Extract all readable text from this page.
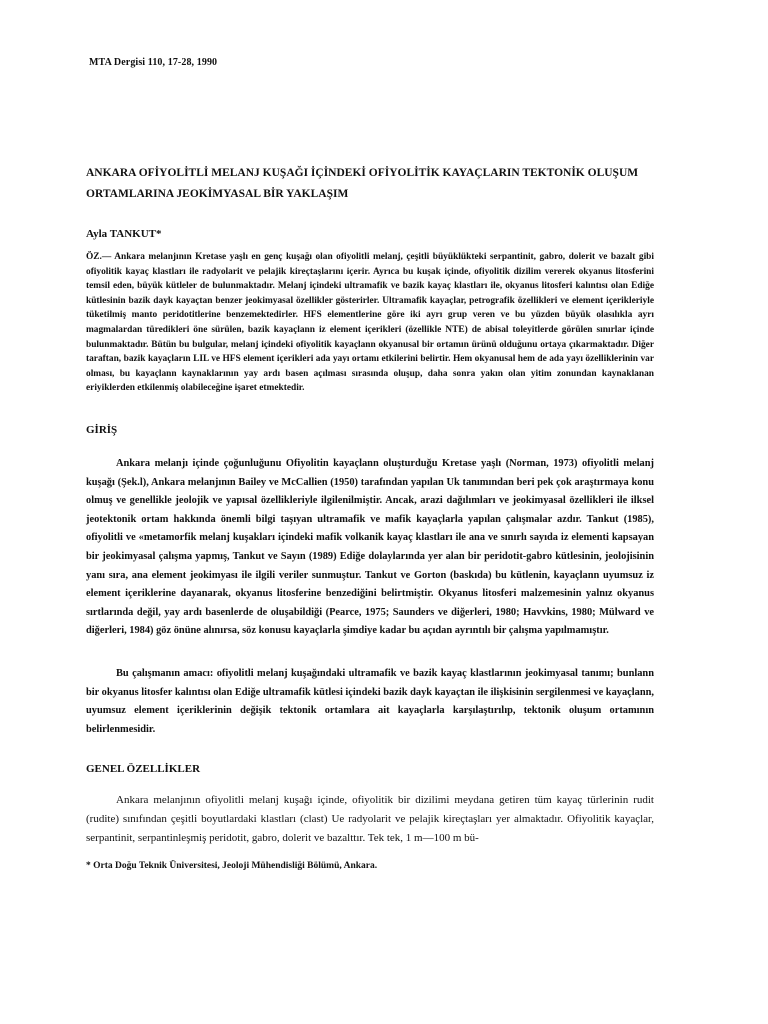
MTA Dergisi 110, 17-28, 1990
ANKARA OFİYOLİTLİ MELANJ KUŞAĞI İÇİNDEKİ OFİYOLİTİK KAYAÇLARIN TEKTONİK OLUŞUM ORTAMLARINA JEOKİMYASAL BİR YAKLAŞIM
Ayla TANKUT*
ÖZ.— Ankara melanjının Kretase yaşlı en genç kuşağı olan ofiyolitli melanj, çeşitli büyüklükteki serpantinit, gabro, dolerit ve bazalt gibi ofiyolitik kayaç klastları ile radyolarit ve pelajik kireçtaşlarını içerir. Ayrıca bu kuşak içinde, ofiyolitik dizilim vererek okyanus litosferini temsil eden, büyük kütleler de bulunmaktadır. Melanj içindeki ultramafik ve bazik kayaç klastları ile, okyanus litosferi kalıntısı olan Ediğe kütlesinin bazik dayk kayaçtan benzer jeokimyasal özellikler gösterirler. Ultramafik kayaçlar, petrografik özellikleri ve element içerikleriyle tüketilmiş manto peridotitlerine benzemektedirler. HFS elementlerine göre iki ayrı grup veren ve bu yüzden büyük olasılıkla ayrı magmalardan türedikleri öne sürülen, bazik kayaçlann iz element içerikleri (özellikle NTE) de abisal toleyitlerde görülen sınırlar içinde bulunmaktadır. Bütün bu bulgular, melanj içindeki ofiyolitik kayaçlann okyanusal bir ortamın ürünü olduğunu ortaya çıkarmaktadır. Diğer taraftan, bazik kayaçların LIL ve HFS element içerikleri ada yayı ortamı etkilerini belirtir. Hem okyanusal hem de ada yayı özelliklerinin var olması, bu kayaçlann kaynaklarının yay ardı basen açılması sırasında oluşup, daha sonra yakın olan yitim zonundan kaynaklanan eriyiklerden etkilenmiş olabileceğine işaret etmektedir.
GİRİŞ
Ankara melanjı içinde çoğunluğunu Ofiyolitin kayaçlann oluşturduğu Kretase yaşlı (Norman, 1973) ofiyolitli melanj kuşağı (Şek.l), Ankara melanjının Bailey ve McCallien (1950) tarafından yapılan Uk tanımından beri pek çok araştırmaya konu olmuş ve genellikle jeolojik ve yapısal özellikleriyle ilgilenilmiştir. Ancak, arazi dağılımları ve jeokimyasal özellikleri ile ilksel jeotektonik ortam hakkında önemli bilgi taşıyan ultramafik ve mafik kayaçlarla yapılan çalışmalar azdır. Tankut (1985), ofiyolitli ve «metamorfik melanj kuşakları içindeki mafik volkanik kayaç klastları ile ana ve sınırlı sayıda iz elementi kapsayan bir jeokimyasal çalışma yapmış, Tankut ve Sayın (1989) Ediğe dolaylarında yer alan bir peridotit-gabro kütlesinin, jeolojisinin yanı sıra, ana element jeokimyası ile ilgili veriler sunmuştur. Tankut ve Gorton (baskıda) bu kütlenin, kayaçlann uyumsuz iz element içeriklerine dayanarak, okyanus litosferine benzediğini belirtmiştir. Okyanus litosferi malzemesinin yalnız okyanus sırtlarında değil, yay ardı basenlerde de oluşabildiği (Pearce, 1975; Saunders ve diğerleri, 1980; Havvkins, 1980; Mülward ve diğerleri, 1984) göz önüne alınırsa, söz konusu kayaçlarla şimdiye kadar bu açıdan ayrıntılı bir çalışma yapılmamıştır.
Bu çalışmanın amacı: ofiyolitli melanj kuşağındaki ultramafik ve bazik kayaç klastlarının jeokimyasal tanımı; bunlann bir okyanus litosfer kalıntısı olan Ediğe ultramafik kütlesi içindeki bazik dayk kayaçtan ile ilişkisinin sergilenmesi ve kayaçlann, uyumsuz element içeriklerinin değişik tektonik ortamlara ait kayaçlarla karşılaştırılıp, tektonik oluşum ortamının belirlenmesidir.
GENEL ÖZELLİKLER
Ankara melanjının ofiyolitli melanj kuşağı içinde, ofiyolitik bir dizilimi meydana getiren tüm kayaç türlerinin rudit (rudite) sınıfından çeşitli boyutlardaki klastları (clast) Ue radyolarit ve pelajik kireçtaşları yer almaktadır. Ofiyolitik kayaçlar, serpantinit, serpantinleşmiş peridotit, gabro, dolerit ve bazalttır. Tek tek, 1 m—100 m bü-
* Orta Doğu Teknik Üniversitesi, Jeoloji Mühendisliği Bölümü, Ankara.
